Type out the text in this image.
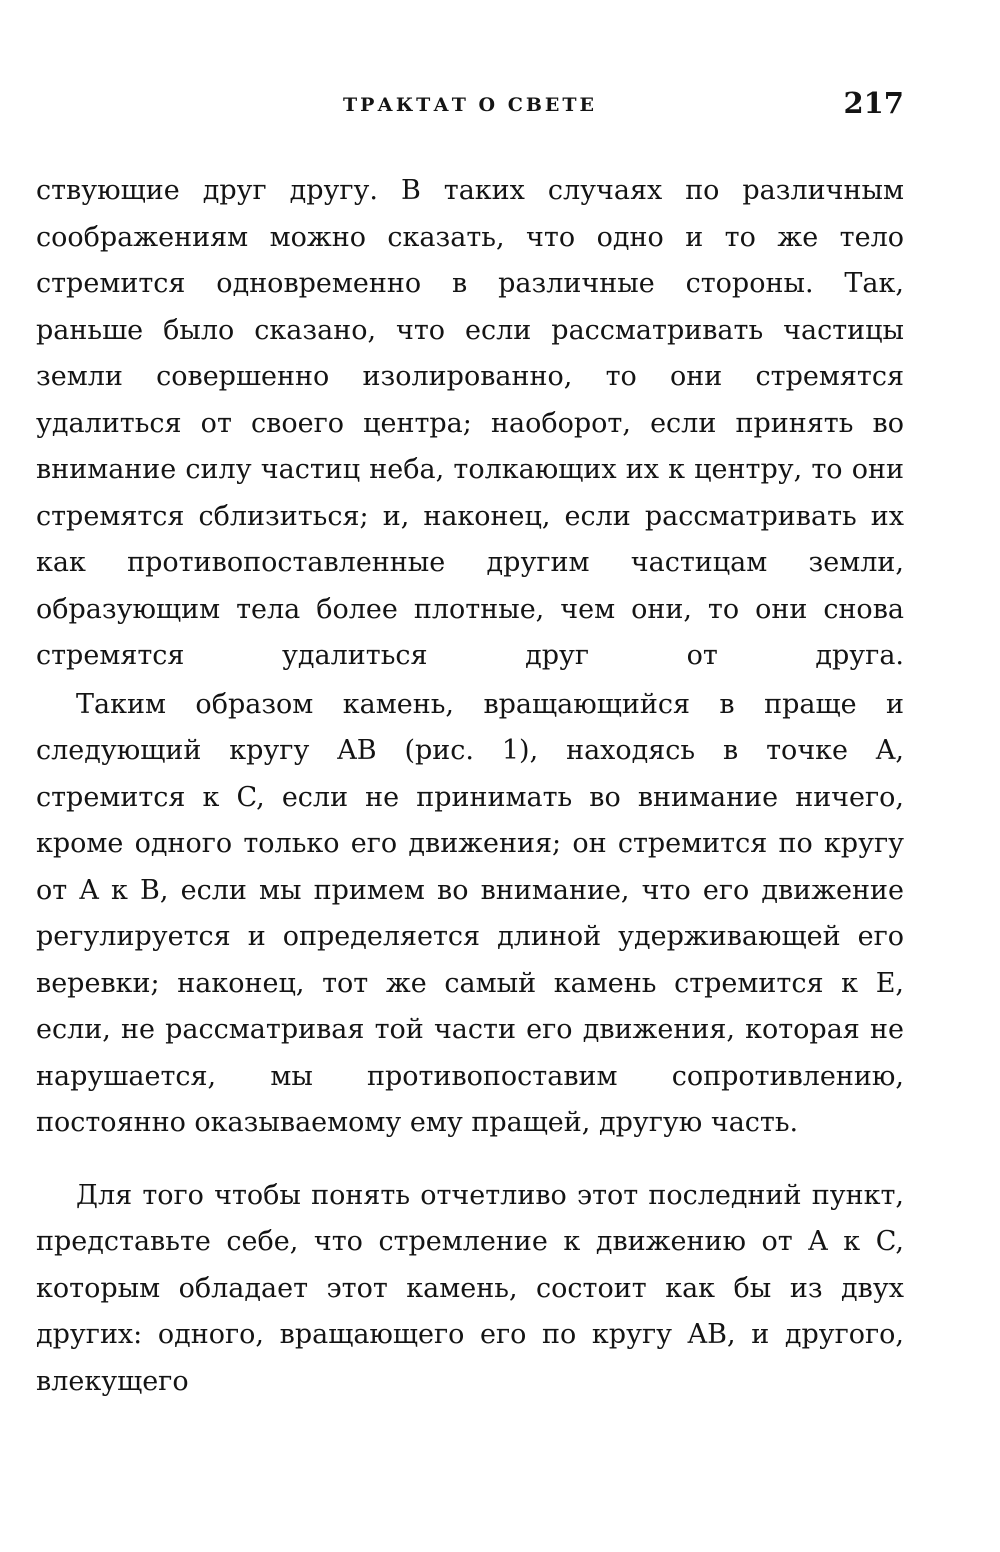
ТРАКТАТ О СВЕТЕ	217

ствующие друг другу. В таких случаях по различным соображениям можно сказать, что одно и то же тело стремится одновременно в различные стороны. Так, раньше было сказано, что если рассматривать частицы земли совершенно изолированно, то они стремятся удалиться от своего центра; наоборот, если принять во внимание силу частиц неба, толкающих их к центру, то они стремятся сблизиться; и, наконец, если рассматривать их как противопоставленные другим частицам земли, образующим тела более плотные, чем они, то они снова стремятся удалиться друг от друга.

Таким образом камень, вращающийся в праще и следующий кругу AB (рис. 1), находясь в точке A, стремится к C, если не принимать во внимание ничего, кроме одного только его движения; он стремится по кругу от A к B, если мы примем во внимание, что его движение регулируется и определяется длиной удерживающей его веревки; наконец, тот же самый камень стремится к E, если, не рассматривая той части его движения, которая не нарушается, мы противопоставим сопротивлению, постоянно оказываемому ему пращей, другую часть.

Для того чтобы понять отчетливо этот последний пункт, представьте себе, что стремление к движению от A к C, которым обладает этот камень, состоит как бы из двух других: одного, вращающего его по кругу AB, и другого, влекущего
